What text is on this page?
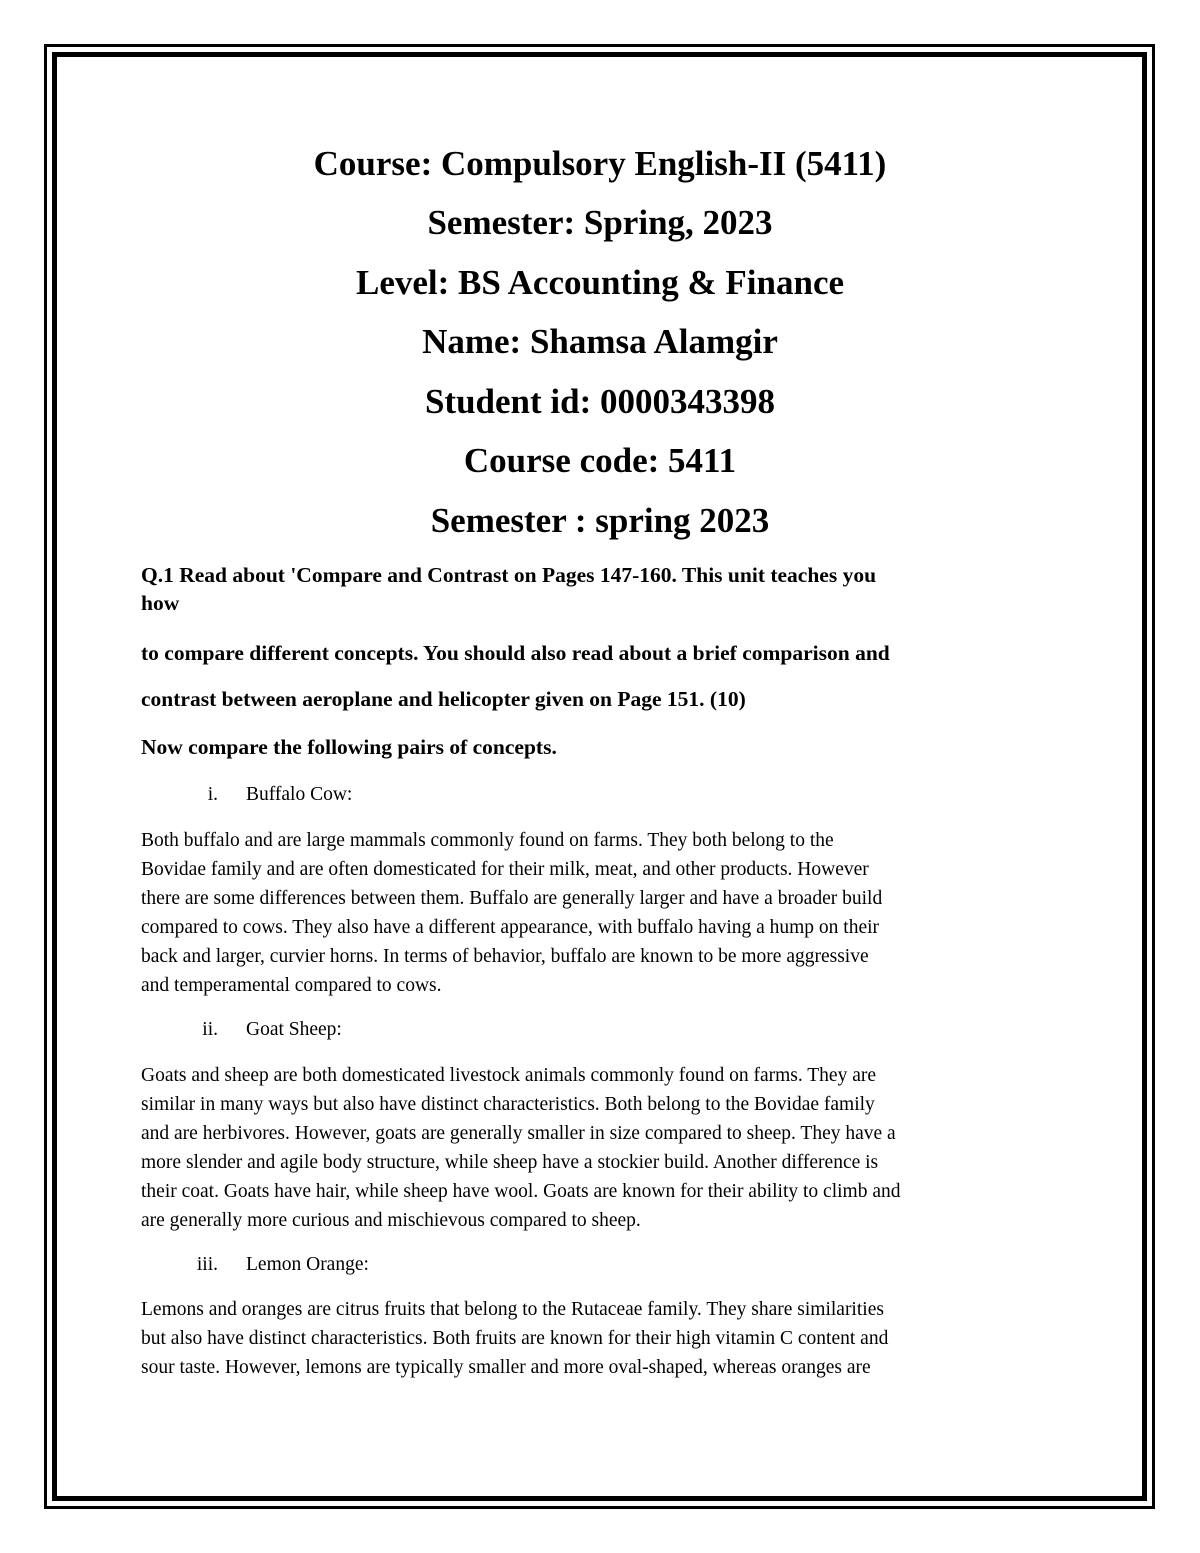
Course: Compulsory English-II (5411)

Semester: Spring, 2023

Level: BS Accounting & Finance

Name: Shamsa Alamgir

Student id: 0000343398

Course code: 5411

Semester : spring 2023

Q.1 Read about 'Compare and Contrast on Pages 147-160. This unit teaches you

how

to compare different concepts. You should also read about a brief comparison and

contrast between aeroplane and helicopter given on Page 151. (10)

Now compare the following pairs of concepts.

i. Buffalo Cow:
Both buffalo and are large mammals commonly found on farms. They both belong to the
Bovidae family and are often domesticated for their milk, meat, and other products. However
there are some differences between them. Buffalo are generally larger and have a broader build
compared to cows. They also have a different appearance, with buffalo having a hump on their
back and larger, curvier horns. In terms of behavior, buffalo are known to be more aggressive
and temperamental compared to cows.
ii. Goat Sheep:
Goats and sheep are both domesticated livestock animals commonly found on farms. They are
similar in many ways but also have distinct characteristics. Both belong to the Bovidae family
and are herbivores. However, goats are generally smaller in size compared to sheep. They have a
more slender and agile body structure, while sheep have a stockier build. Another difference is
their coat. Goats have hair, while sheep have wool. Goats are known for their ability to climb and
are generally more curious and mischievous compared to sheep.
iii. Lemon Orange:
Lemons and oranges are citrus fruits that belong to the Rutaceae family. They share similarities
but also have distinct characteristics. Both fruits are known for their high vitamin C content and
sour taste. However, lemons are typically smaller and more oval-shaped, whereas oranges are
